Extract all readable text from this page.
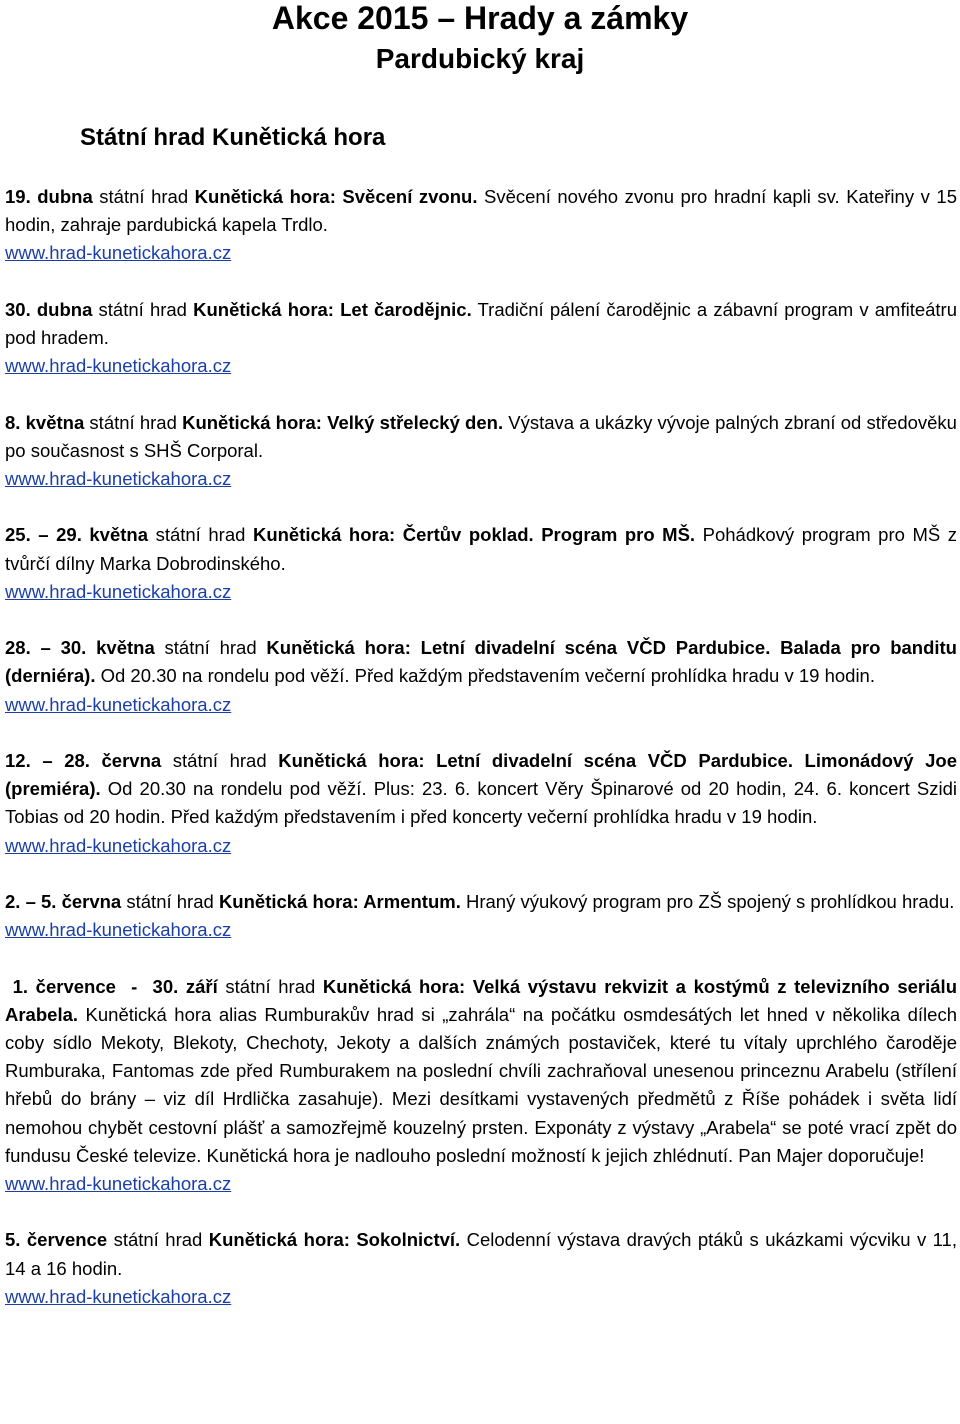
Akce 2015 – Hrady a zámky
Pardubický kraj
Státní hrad Kunětická hora

19. dubna státní hrad Kunětická hora: Svěcení zvonu. Svěcení nového zvonu pro hradní kapli sv. Kateřiny v 15 hodin, zahraje pardubická kapela Trdlo.

www.hrad-kunetickahora.cz

30. dubna státní hrad Kunětická hora: Let čarodějnic. Tradiční pálení čarodějnic a zábavní program v amfiteátru pod hradem.

www.hrad-kunetickahora.cz

8. května státní hrad Kunětická hora: Velký střelecký den. Výstava a ukázky vývoje palných zbraní od středověku po současnost s SHŠ Corporal.

www.hrad-kunetickahora.cz

25. – 29. května státní hrad Kunětická hora: Čertův poklad. Program pro MŠ. Pohádkový program pro MŠ z tvůrčí dílny Marka Dobrodinského.

www.hrad-kunetickahora.cz

28. – 30. května státní hrad Kunětická hora: Letní divadelní scéna VČD Pardubice. Balada pro banditu (derniéra). Od 20.30 na rondelu pod věží. Před každým představením večerní prohlídka hradu v 19 hodin.

www.hrad-kunetickahora.cz

12. – 28. června státní hrad Kunětická hora: Letní divadelní scéna VČD Pardubice. Limonádový Joe (premiéra). Od 20.30 na rondelu pod věží. Plus: 23. 6. koncert Věry Špinarové od 20 hodin, 24. 6. koncert Szidi Tobias od 20 hodin. Před každým představením i před koncerty večerní prohlídka hradu v 19 hodin.

www.hrad-kunetickahora.cz

2. – 5. června státní hrad Kunětická hora: Armentum. Hraný výukový program pro ZŠ spojený s prohlídkou hradu.

www.hrad-kunetickahora.cz

1. července  -  30. září státní hrad Kunětická hora: Velká výstavu rekvizit a kostýmů z televizního seriálu Arabela. Kunětická hora alias Rumburakův hrad si „zahrála“ na počátku osmdesátých let hned v několika dílech coby sídlo Mekoty, Blekoty, Chechoty, Jekoty a dalších známých postaviček, které tu vítaly uprchlého čaroděje Rumburaka, Fantomas zde před Rumburakem na poslední chvíli zachraňoval unesenou princeznu Arabelu (střílení hřebů do brány – viz díl Hrdlička zasahuje). Mezi desítkami vystavených předmětů z Říše pohádek i světa lidí nemohou chybět cestovní plášť a samozřejmě kouzelný prsten. Exponáty z výstavy „Arabela“ se poté vrací zpět do fundusu České televize. Kunětická hora je nadlouho poslední možností k jejich zhlédnutí. Pan Majer doporučuje!

www.hrad-kunetickahora.cz

5. července státní hrad Kunětická hora: Sokolnictví. Celodenní výstava dravých ptáků s ukázkami výcviku v 11, 14 a 16 hodin.

www.hrad-kunetickahora.cz
